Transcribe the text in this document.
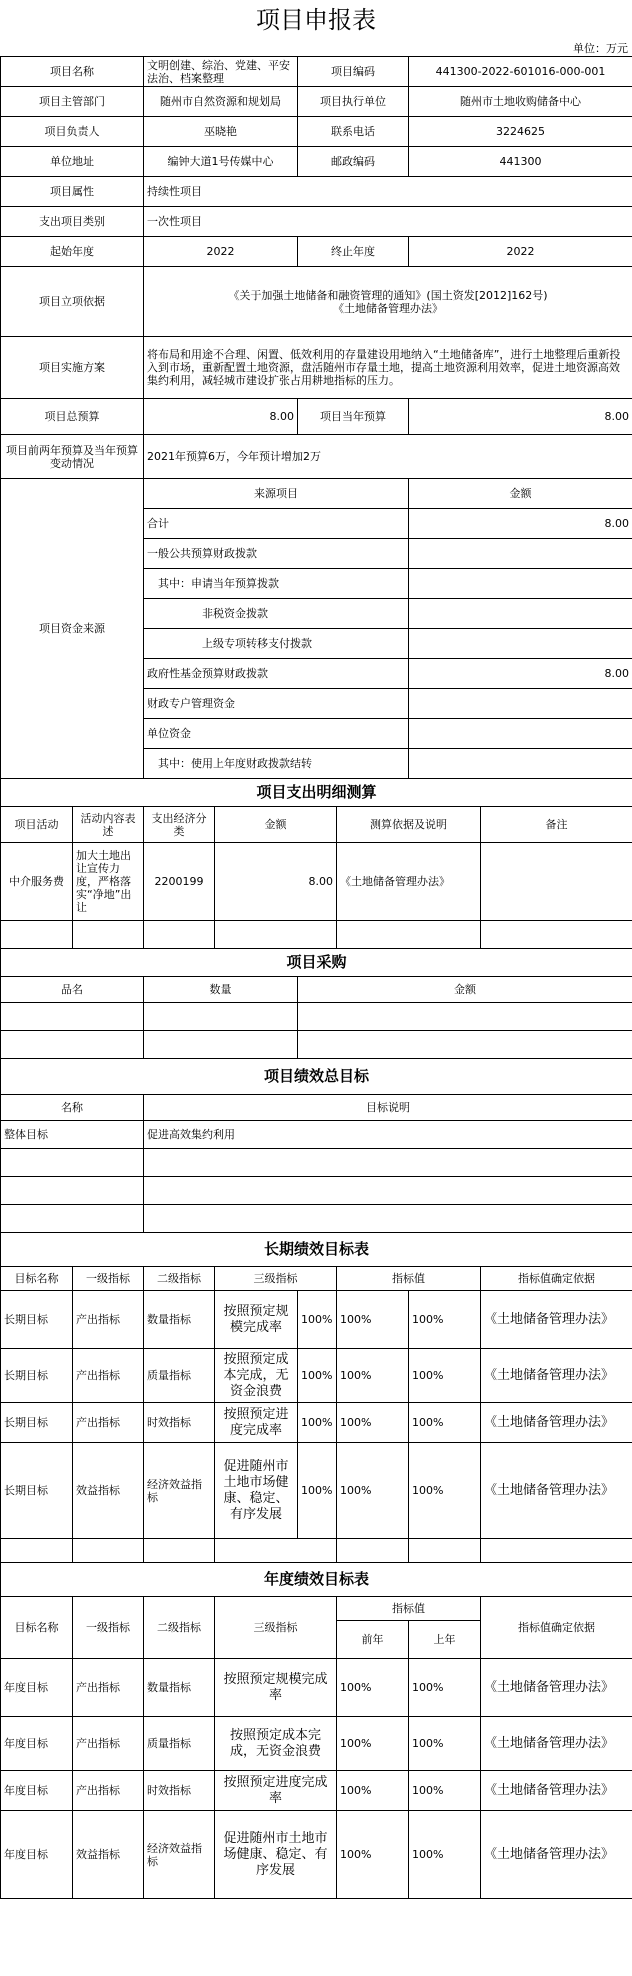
项目申报表
单位：万元
项目名称		文明创建、综治、党建、平安法治、档案整理		项目编码		441300-2022-601016-000-001	
项目主管部门		随州市自然资源和规划局		项目执行单位		随州市土地收购储备中心	
项目负责人		巫晓艳		联系电话		3224625	
单位地址		编钟大道1号传媒中心		邮政编码		441300	
项目属性		持续性项目					
支出项目类别		一次性项目					
起始年度		2022		终止年度		2022	
项目立项依据		《关于加强土地储备和融资管理的通知》(国土资发[2012]162号)
《土地储备管理办法》					

项目实施方案		将布局和用途不合理、闲置、低效利用的存量建设用地纳入“土地储备库”，进行土地整理后重新投入到市场，重新配置土地资源，盘活随州市存量土地，提高土地资源利用效率，促进土地资源高效集约利用，减轻城市建设扩张占用耕地指标的压力。					
项目总预算		8.00		项目当年预算		8.00	
项目前两年预算及当年预算变动情况		2021年预算6万，今年预计增加2万					
项目资金来源		来源项目				金额	
		合计				8.00	
		一般公共预算财政拨款					
		其中：申请当年预算拨款					
		非税资金拨款					
		上级专项转移支付拨款					
		政府性基金预算财政拨款				8.00	
		财政专户管理资金					
		单位资金					
		其中：使用上年度财政拨款结转					
项目支出明细测算							
项目活动	活动内容表述	支出经济分类	金额		测算依据及说明		备注
中介服务费	加大土地出让宣传力度，严格落实“净地”出让	2200199	8.00		《土地储备管理办法》		

项目采购							
品名		数量		金额			

项目绩效总目标							
名称		目标说明					
整体目标		促进高效集约利用					

长期绩效目标表							
目标名称	一级指标	二级指标	三级指标		指标值		指标值确定依据
长期目标	产出指标	数量指标	按照预定规模完成率	100%	100%	100%	《土地储备管理办法》
长期目标	产出指标	质量指标	按照预定成本完成，无资金浪费	100%	100%	100%	《土地储备管理办法》
长期目标	产出指标	时效指标	按照预定进度完成率	100%	100%	100%	《土地储备管理办法》
长期目标	效益指标	经济效益指标	促进随州市土地市场健康、稳定、有序发展	100%	100%	100%	《土地储备管理办法》

年度绩效目标表							
目标名称	一级指标	二级指标	三级指标		指标值		指标值确定依据
					前年	上年	
年度目标	产出指标	数量指标	按照预定规模完成率		100%	100%	《土地储备管理办法》
年度目标	产出指标	质量指标	按照预定成本完成，无资金浪费		100%	100%	《土地储备管理办法》
年度目标	产出指标	时效指标	按照预定进度完成率		100%	100%	《土地储备管理办法》
年度目标	效益指标	经济效益指标	促进随州市土地市场健康、稳定、有序发展		100%	100%	《土地储备管理办法》
